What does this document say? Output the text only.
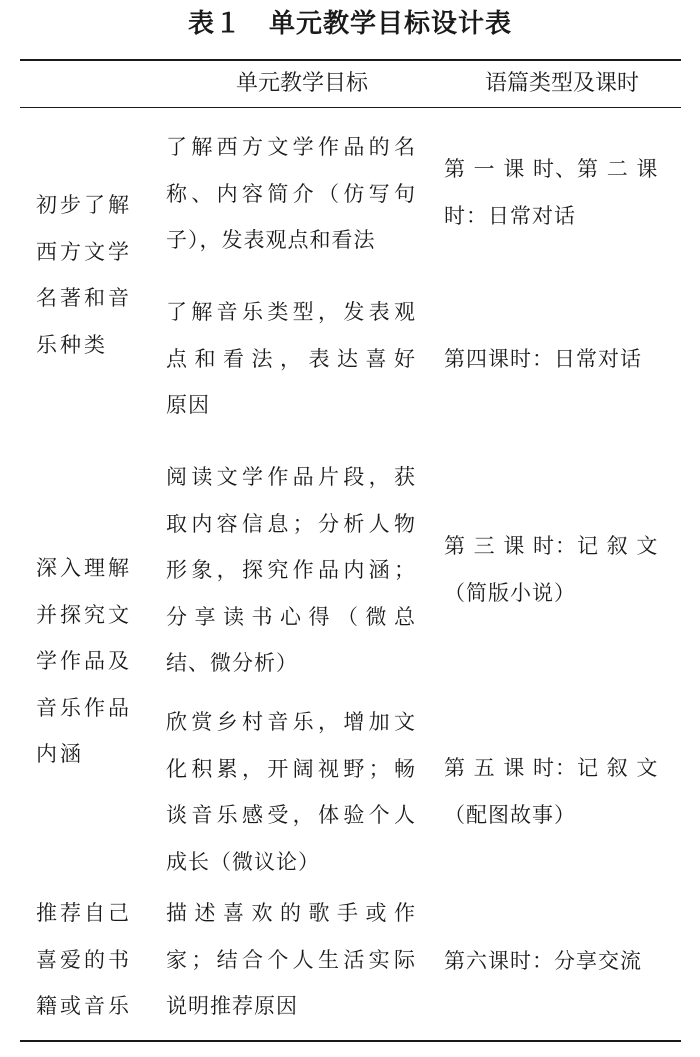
表１　单元教学目标设计表
单元教学目标	语篇类型及课时
初步了解
西方文学
名著和音
乐种类
了解西方文学作品的名
称、内容简介（仿写句
子），发表观点和看法
第 一 课 时、第 二 课
时：日常对话
了解音乐类型，发表观
点和看法，表达喜好
原因
第四课时：日常对话
深入理解
并探究文
学作品及
音乐作品
内涵
阅读文学作品片段，获
取内容信息；分析人物
形象，探究作品内涵；
分享读书心得（微总
结、微分析）
第 三 课 时：记 叙 文
（简版小说）
欣赏乡村音乐，增加文
化积累，开阔视野；畅
谈音乐感受，体验个人
成长（微议论）
第 五 课 时：记 叙 文
（配图故事）
推荐自己
喜爱的书
籍或音乐
描述喜欢的歌手或作
家；结合个人生活实际
说明推荐原因
第六课时：分享交流
